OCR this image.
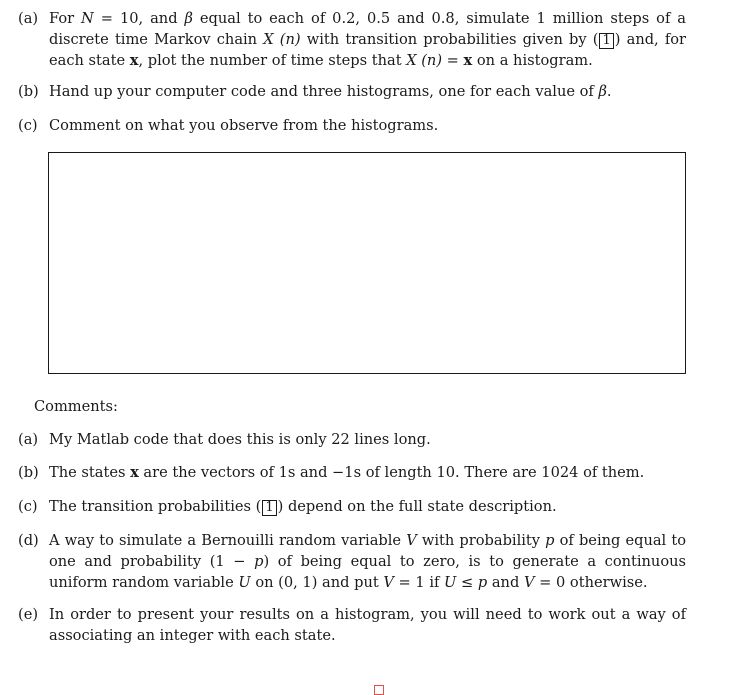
(a) For N = 10, and β equal to each of 0.2, 0.5 and 0.8, simulate 1 million steps of a discrete time Markov chain X (n) with transition probabilities given by ( 1 ) and, for each state x, plot the number of time steps that X (n) = x on a histogram.
(b) Hand up your computer code and three histograms, one for each value of β.
(c) Comment on what you observe from the histograms.
Comments:
(a) My Matlab code that does this is only 22 lines long.
(b) The states x are the vectors of 1s and −1s of length 10. There are 1024 of them.
(c) The transition probabilities ( 1 ) depend on the full state description.
(d) A way to simulate a Bernouilli random variable V with probability p of being equal to one and probability (1 − p) of being equal to zero, is to generate a continuous uniform random variable U on (0, 1) and put V = 1 if U ≤ p and V = 0 otherwise.
(e) In order to present your results on a histogram, you will need to work out a way of associating an integer with each state.
